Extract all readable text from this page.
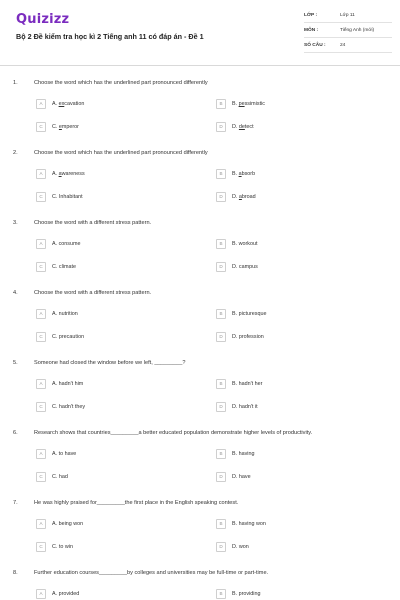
Quizizz
Bộ 2 Đề kiểm tra học kì 2 Tiếng anh 11 có đáp án - Đề 1
LỚP :	Lớp 11
MÔN :	Tiếng Anh (mới)
SỐ CÂU :	24
1.	Choose the word which has the underlined part pronounced differently
A	A. excavation	B	B. pessimistic
C	C. emperor	D	D. detect
2.	Choose the word which has the underlined part pronounced differently
A	A. awareness	B	B. absorb
C	C. Inhabitant	D	D. abroad
3.	Choose the word with a different stress pattern.
A	A. consume	B	B. workout
C	C. climate	D	D. campus
4.	Choose the word with a different stress pattern.
A	A. nutrition	B	B. picturesque
C	C. precaution	D	D. profession
5.	Someone had closed the window before we left, _________?
A	A. hadn't him	B	B. hadn't her
C	C. hadn't they	D	D. hadn't it
6.	Research shows that countries_________a better educated population demonstrate higher levels of productivity.
A	A. to have	B	B. having
C	C. had	D	D. have
7.	He was highly praised for_________the first place in the English speaking contest.
A	A. being won	B	B. having won
C	C. to win	D	D. won
8.	Further education courses_________by colleges and universities may be full-time or part-time.
A	A. provided	B	B. providing
